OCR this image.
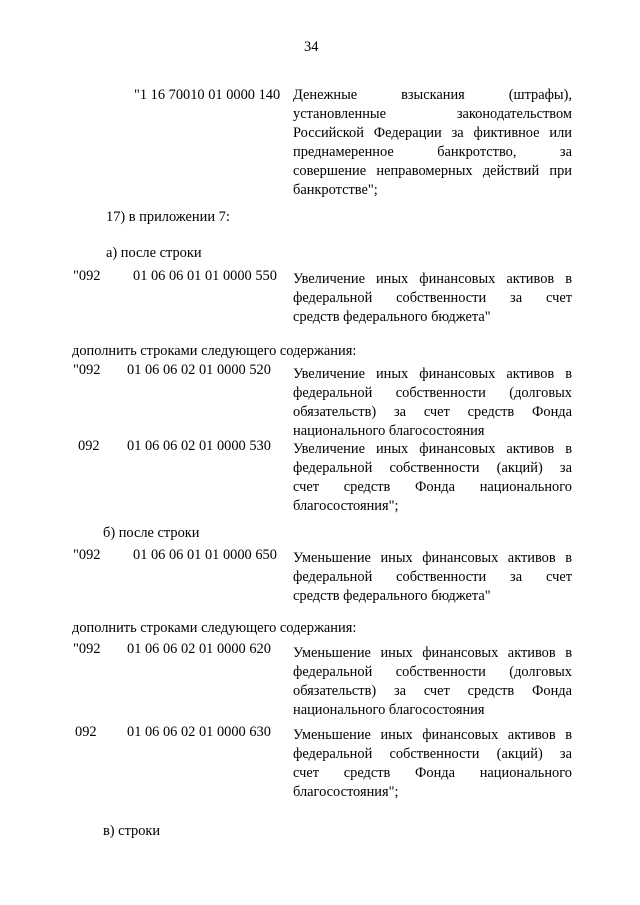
34
"1 16 70010 01 0000 140 Денежные взыскания (штрафы),
установленные законодательством
Российской Федерации за фиктивное или
преднамеренное банкротство, за
совершение неправомерных действий при
банкротстве";
17) в приложении 7:
а) после строки
"092 01 06 06 01 01 0000 550 Увеличение иных финансовых активов в
федеральной собственности за счет
средств федерального бюджета"
дополнить строками следующего содержания:
"092 01 06 06 02 01 0000 520 Увеличение иных финансовых активов в
федеральной собственности (долговых
обязательств) за счет средств Фонда
национального благосостояния
092 01 06 06 02 01 0000 530 Увеличение иных финансовых активов в
федеральной собственности (акций) за
счет средств Фонда национального
благосостояния";
б) после строки
"092 01 06 06 01 01 0000 650 Уменьшение иных финансовых активов в
федеральной собственности за счет
средств федерального бюджета"
дополнить строками следующего содержания:
"092 01 06 06 02 01 0000 620 Уменьшение иных финансовых активов в
федеральной собственности (долговых
обязательств) за счет средств Фонда
национального благосостояния
092 01 06 06 02 01 0000 630 Уменьшение иных финансовых активов в
федеральной собственности (акций) за
счет средств Фонда национального
благосостояния";
в) строки
